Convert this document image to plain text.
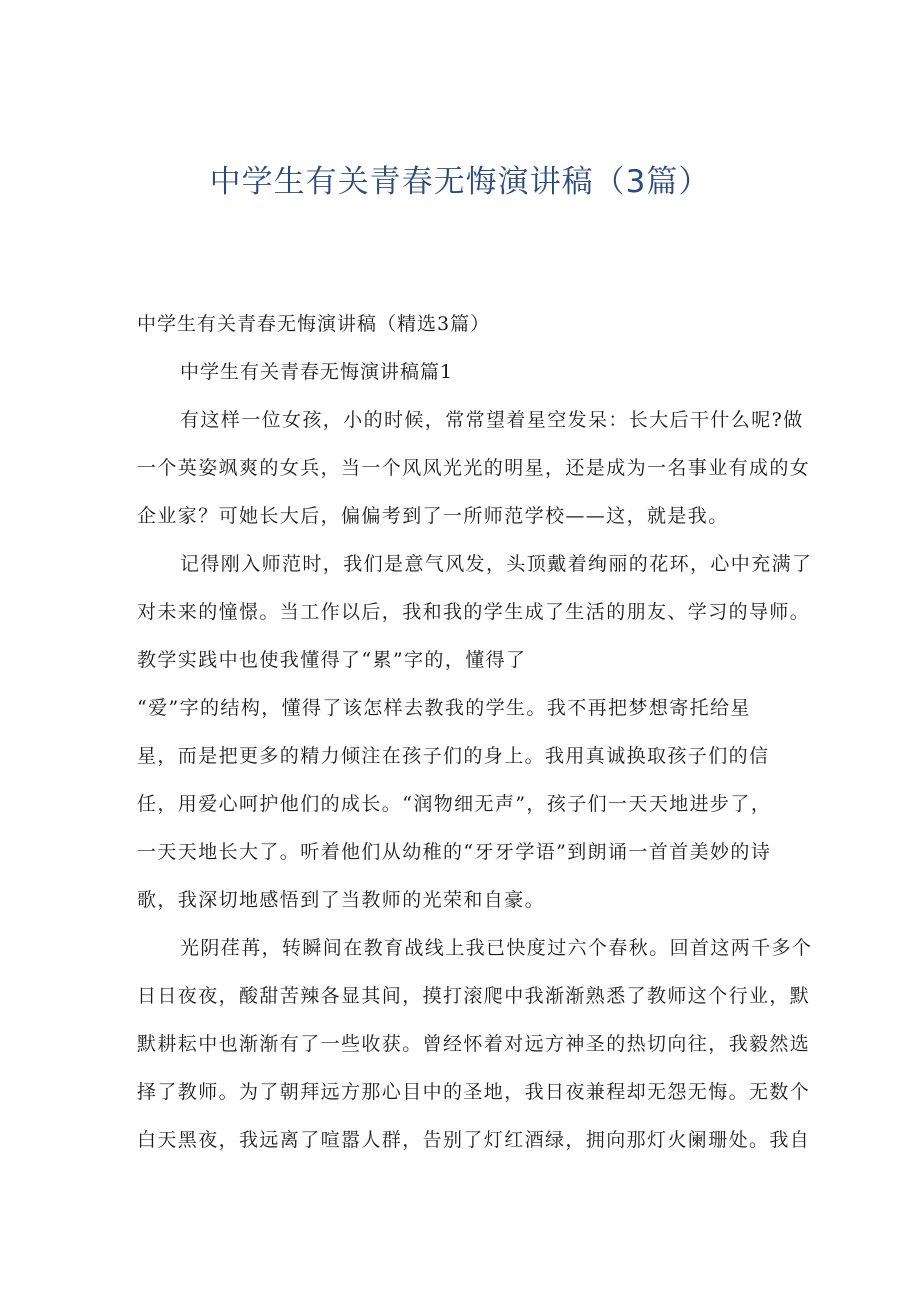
中学生有关青春无悔演讲稿（3篇）
中学生有关青春无悔演讲稿（精选3篇）
中学生有关青春无悔演讲稿篇1
有这样一位女孩，小的时候，常常望着星空发呆：长大后干什么呢?做
一个英姿飒爽的女兵，当一个风风光光的明星，还是成为一名事业有成的女
企业家？可她长大后，偏偏考到了一所师范学校——这，就是我。
记得刚入师范时，我们是意气风发，头顶戴着绚丽的花环，心中充满了
对未来的憧憬。当工作以后，我和我的学生成了生活的朋友、学习的导师。
教学实践中也使我懂得了“累”字的，懂得了
“爱”字的结构，懂得了该怎样去教我的学生。我不再把梦想寄托给星
星，而是把更多的精力倾注在孩子们的身上。我用真诚换取孩子们的信
任，用爱心呵护他们的成长。“润物细无声”，孩子们一天天地进步了，
一天天地长大了。听着他们从幼稚的“牙牙学语”到朗诵一首首美妙的诗
歌，我深切地感悟到了当教师的光荣和自豪。
光阴荏苒，转瞬间在教育战线上我已快度过六个春秋。回首这两千多个
日日夜夜，酸甜苦辣各显其间，摸打滚爬中我渐渐熟悉了教师这个行业，默
默耕耘中也渐渐有了一些收获。曾经怀着对远方神圣的热切向往，我毅然选
择了教师。为了朝拜远方那心目中的圣地，我日夜兼程却无怨无悔。无数个
白天黑夜，我远离了喧嚣人群，告别了灯红酒绿，拥向那灯火阑珊处。我自
